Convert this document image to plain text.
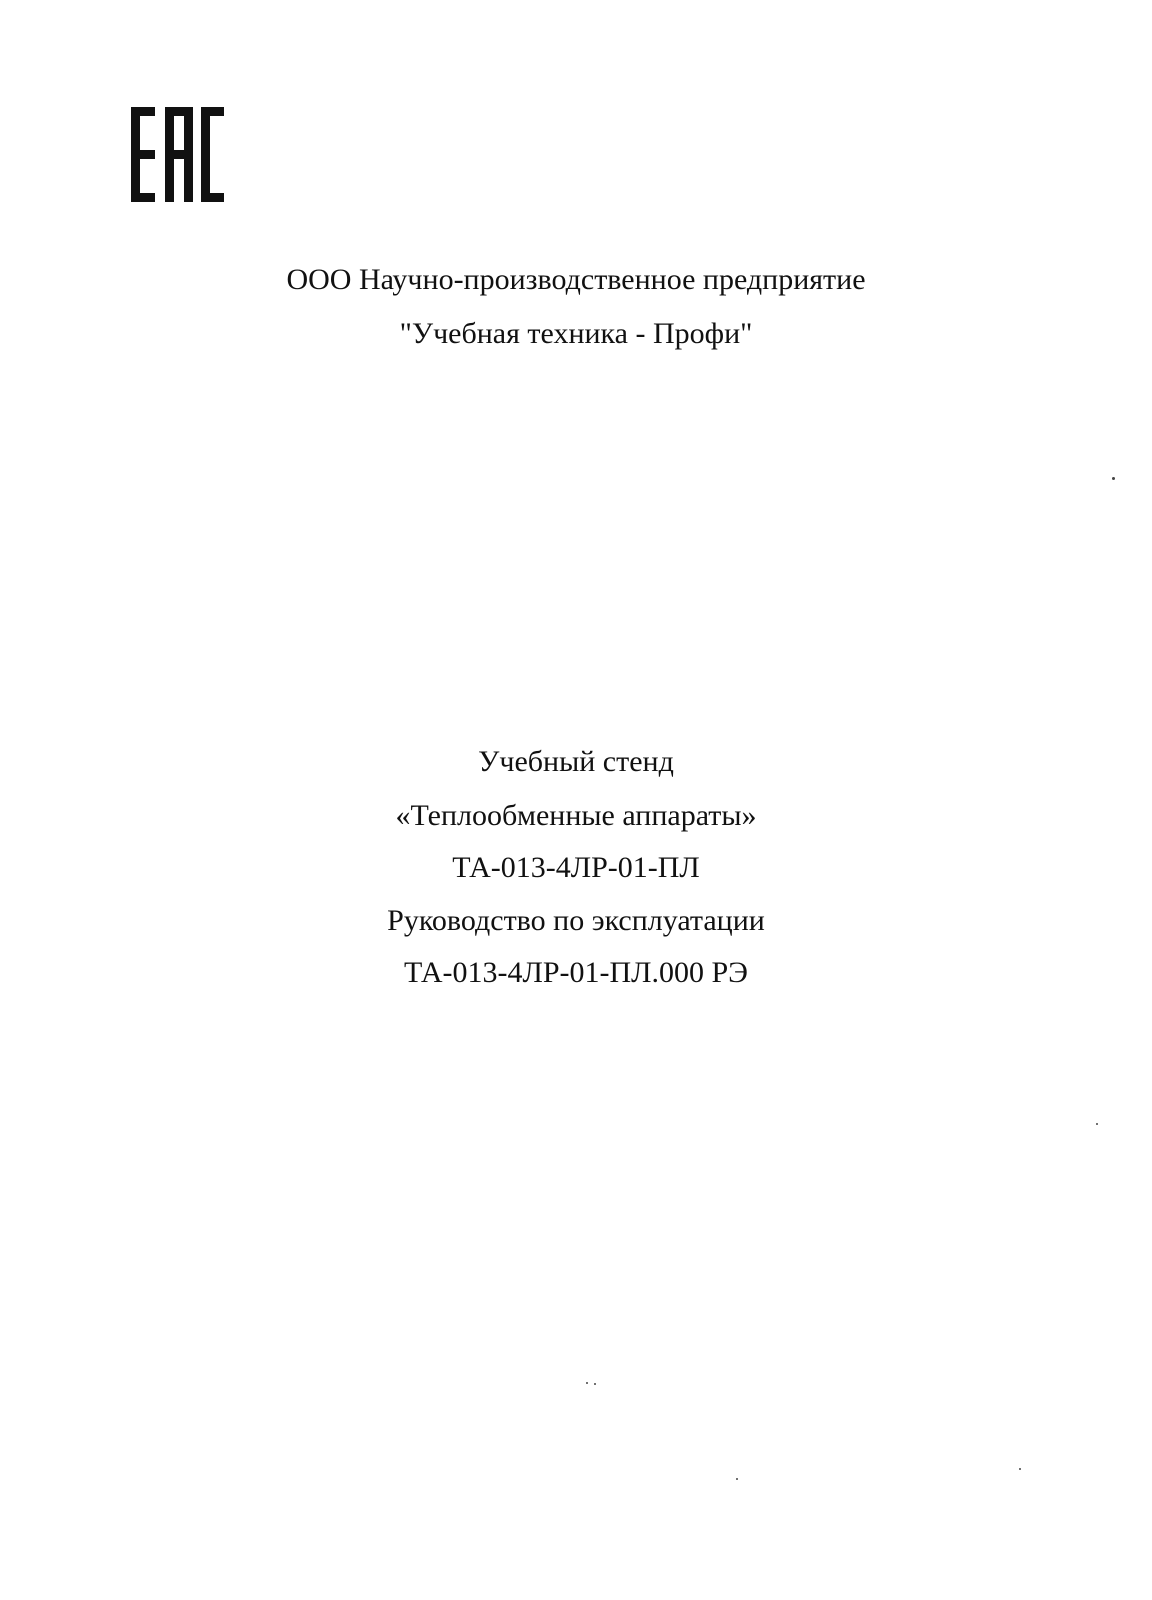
ООО Научно-производственное предприятие
"Учебная техника - Профи"
Учебный стенд
«Теплообменные аппараты»
ТА-013-4ЛР-01-ПЛ
Руководство по эксплуатации
ТА-013-4ЛР-01-ПЛ.000 РЭ
